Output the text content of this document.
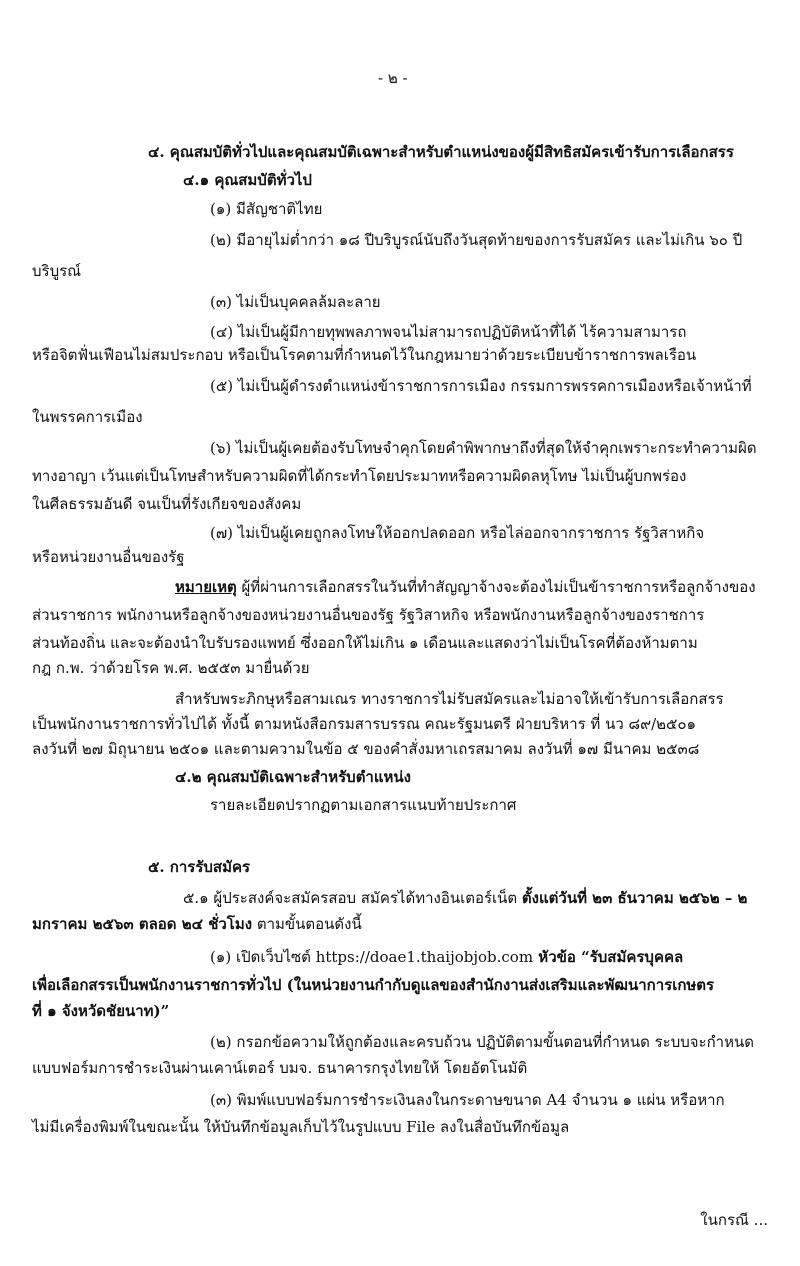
- ๒ -
๔. คุณสมบัติทั่วไปและคุณสมบัติเฉพาะสำหรับตำแหน่งของผู้มีสิทธิสมัครเข้ารับการเลือกสรร
๔.๑ คุณสมบัติทั่วไป
(๑) มีสัญชาติไทย
(๒) มีอายุไม่ต่ำกว่า ๑๘ ปีบริบูรณ์นับถึงวันสุดท้ายของการรับสมัคร และไม่เกิน ๖๐ ปี
บริบูรณ์
(๓) ไม่เป็นบุคคลล้มละลาย
(๔) ไม่เป็นผู้มีกายทุพพลภาพจนไม่สามารถปฏิบัติหน้าที่ได้ ไร้ความสามารถ
หรือจิตฟั่นเฟือนไม่สมประกอบ หรือเป็นโรคตามที่กำหนดไว้ในกฎหมายว่าด้วยระเบียบข้าราชการพลเรือน
(๕) ไม่เป็นผู้ดำรงตำแหน่งข้าราชการการเมือง กรรมการพรรคการเมืองหรือเจ้าหน้าที่
ในพรรคการเมือง
(๖) ไม่เป็นผู้เคยต้องรับโทษจำคุกโดยคำพิพากษาถึงที่สุดให้จำคุกเพราะกระทำความผิด
ทางอาญา เว้นแต่เป็นโทษสำหรับความผิดที่ได้กระทำโดยประมาทหรือความผิดลหุโทษ ไม่เป็นผู้บกพร่อง
ในศีลธรรมอันดี จนเป็นที่รังเกียจของสังคม
(๗) ไม่เป็นผู้เคยถูกลงโทษให้ออกปลดออก หรือไล่ออกจากราชการ รัฐวิสาหกิจ
หรือหน่วยงานอื่นของรัฐ
หมายเหตุ ผู้ที่ผ่านการเลือกสรรในวันที่ทำสัญญาจ้างจะต้องไม่เป็นข้าราชการหรือลูกจ้างของ
ส่วนราชการ พนักงานหรือลูกจ้างของหน่วยงานอื่นของรัฐ รัฐวิสาหกิจ หรือพนักงานหรือลูกจ้างของราชการ
ส่วนท้องถิ่น และจะต้องนำใบรับรองแพทย์ ซึ่งออกให้ไม่เกิน ๑ เดือนและแสดงว่าไม่เป็นโรคที่ต้องห้ามตาม
กฎ ก.พ. ว่าด้วยโรค พ.ศ. ๒๕๕๓ มายื่นด้วย
สำหรับพระภิกษุหรือสามเณร ทางราชการไม่รับสมัครและไม่อาจให้เข้ารับการเลือกสรร
เป็นพนักงานราชการทั่วไปได้ ทั้งนี้ ตามหนังสือกรมสารบรรณ คณะรัฐมนตรี ฝ่ายบริหาร ที่ นว ๘๙/๒๕๐๑
ลงวันที่ ๒๗ มิถุนายน ๒๕๐๑ และตามความในข้อ ๕ ของคำสั่งมหาเถรสมาคม ลงวันที่ ๑๗ มีนาคม ๒๕๓๘
๔.๒ คุณสมบัติเฉพาะสำหรับตำแหน่ง
รายละเอียดปรากฏตามเอกสารแนบท้ายประกาศ
๕. การรับสมัคร
๕.๑ ผู้ประสงค์จะสมัครสอบ สมัครได้ทางอินเตอร์เน็ต ตั้งแต่วันที่ ๒๓ ธันวาคม ๒๕๖๒ – ๒
มกราคม ๒๕๖๓ ตลอด ๒๔ ชั่วโมง ตามขั้นตอนดังนี้
(๑) เปิดเว็บไซต์ https://doae1.thaijobjob.com หัวข้อ “รับสมัครบุคคล
เพื่อเลือกสรรเป็นพนักงานราชการทั่วไป (ในหน่วยงานกำกับดูแลของสำนักงานส่งเสริมและพัฒนาการเกษตร
ที่ ๑ จังหวัดชัยนาท)”
(๒) กรอกข้อความให้ถูกต้องและครบถ้วน ปฏิบัติตามขั้นตอนที่กำหนด ระบบจะกำหนด
แบบฟอร์มการชำระเงินผ่านเคาน์เตอร์ บมจ. ธนาคารกรุงไทยให้ โดยอัตโนมัติ
(๓) พิมพ์แบบฟอร์มการชำระเงินลงในกระดาษขนาด A4 จำนวน ๑ แผ่น หรือหาก
ไม่มีเครื่องพิมพ์ในขณะนั้น ให้บันทึกข้อมูลเก็บไว้ในรูปแบบ File ลงในสื่อบันทึกข้อมูล
ในกรณี ...
